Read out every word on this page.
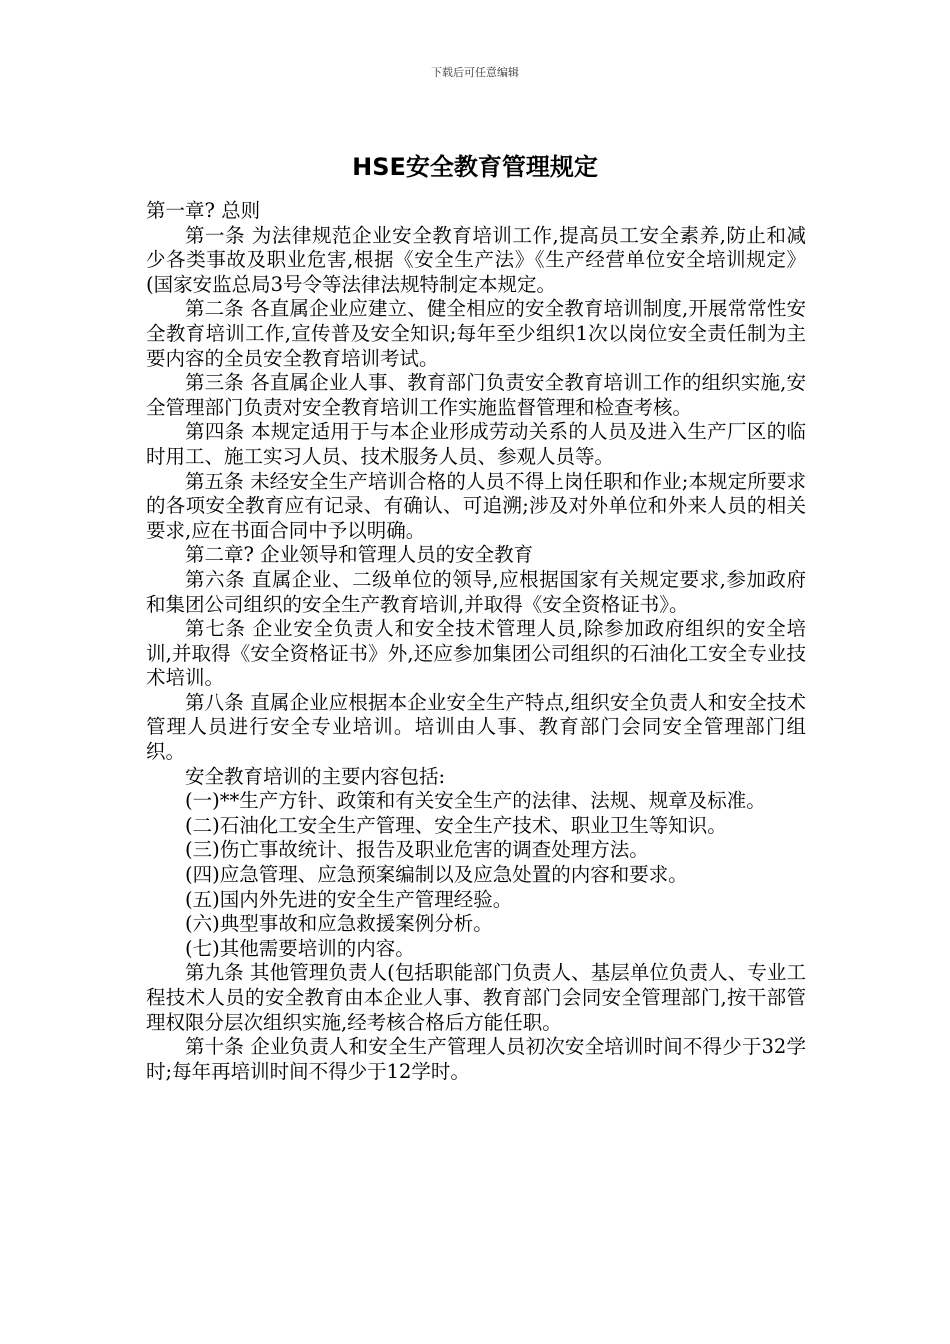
下载后可任意编辑
HSE安全教育管理规定

第一章? 总则

第一条 为法律规范企业安全教育培训工作,提高员工安全素养,防止和减少各类事故及职业危害,根据《安全生产法》《生产经营单位安全培训规定》(国家安监总局3号令等法律法规特制定本规定。

第二条 各直属企业应建立、健全相应的安全教育培训制度,开展常常性安全教育培训工作,宣传普及安全知识;每年至少组织1次以岗位安全责任制为主要内容的全员安全教育培训考试。

第三条 各直属企业人事、教育部门负责安全教育培训工作的组织实施,安全管理部门负责对安全教育培训工作实施监督管理和检查考核。

第四条 本规定适用于与本企业形成劳动关系的人员及进入生产厂区的临时用工、施工实习人员、技术服务人员、参观人员等。

第五条 未经安全生产培训合格的人员不得上岗任职和作业;本规定所要求的各项安全教育应有记录、有确认、可追溯;涉及对外单位和外来人员的相关要求,应在书面合同中予以明确。

第二章? 企业领导和管理人员的安全教育

第六条 直属企业、二级单位的领导,应根据国家有关规定要求,参加政府和集团公司组织的安全生产教育培训,并取得《安全资格证书》。

第七条 企业安全负责人和安全技术管理人员,除参加政府组织的安全培训,并取得《安全资格证书》外,还应参加集团公司组织的石油化工安全专业技术培训。

第八条 直属企业应根据本企业安全生产特点,组织安全负责人和安全技术管理人员进行安全专业培训。培训由人事、教育部门会同安全管理部门组织。

安全教育培训的主要内容包括:

(一)**生产方针、政策和有关安全生产的法律、法规、规章及标准。

(二)石油化工安全生产管理、安全生产技术、职业卫生等知识。

(三)伤亡事故统计、报告及职业危害的调查处理方法。

(四)应急管理、应急预案编制以及应急处置的内容和要求。

(五)国内外先进的安全生产管理经验。

(六)典型事故和应急救援案例分析。

(七)其他需要培训的内容。

第九条 其他管理负责人(包括职能部门负责人、基层单位负责人、专业工程技术人员的安全教育由本企业人事、教育部门会同安全管理部门,按干部管理权限分层次组织实施,经考核合格后方能任职。

第十条 企业负责人和安全生产管理人员初次安全培训时间不得少于32学时;每年再培训时间不得少于12学时。
